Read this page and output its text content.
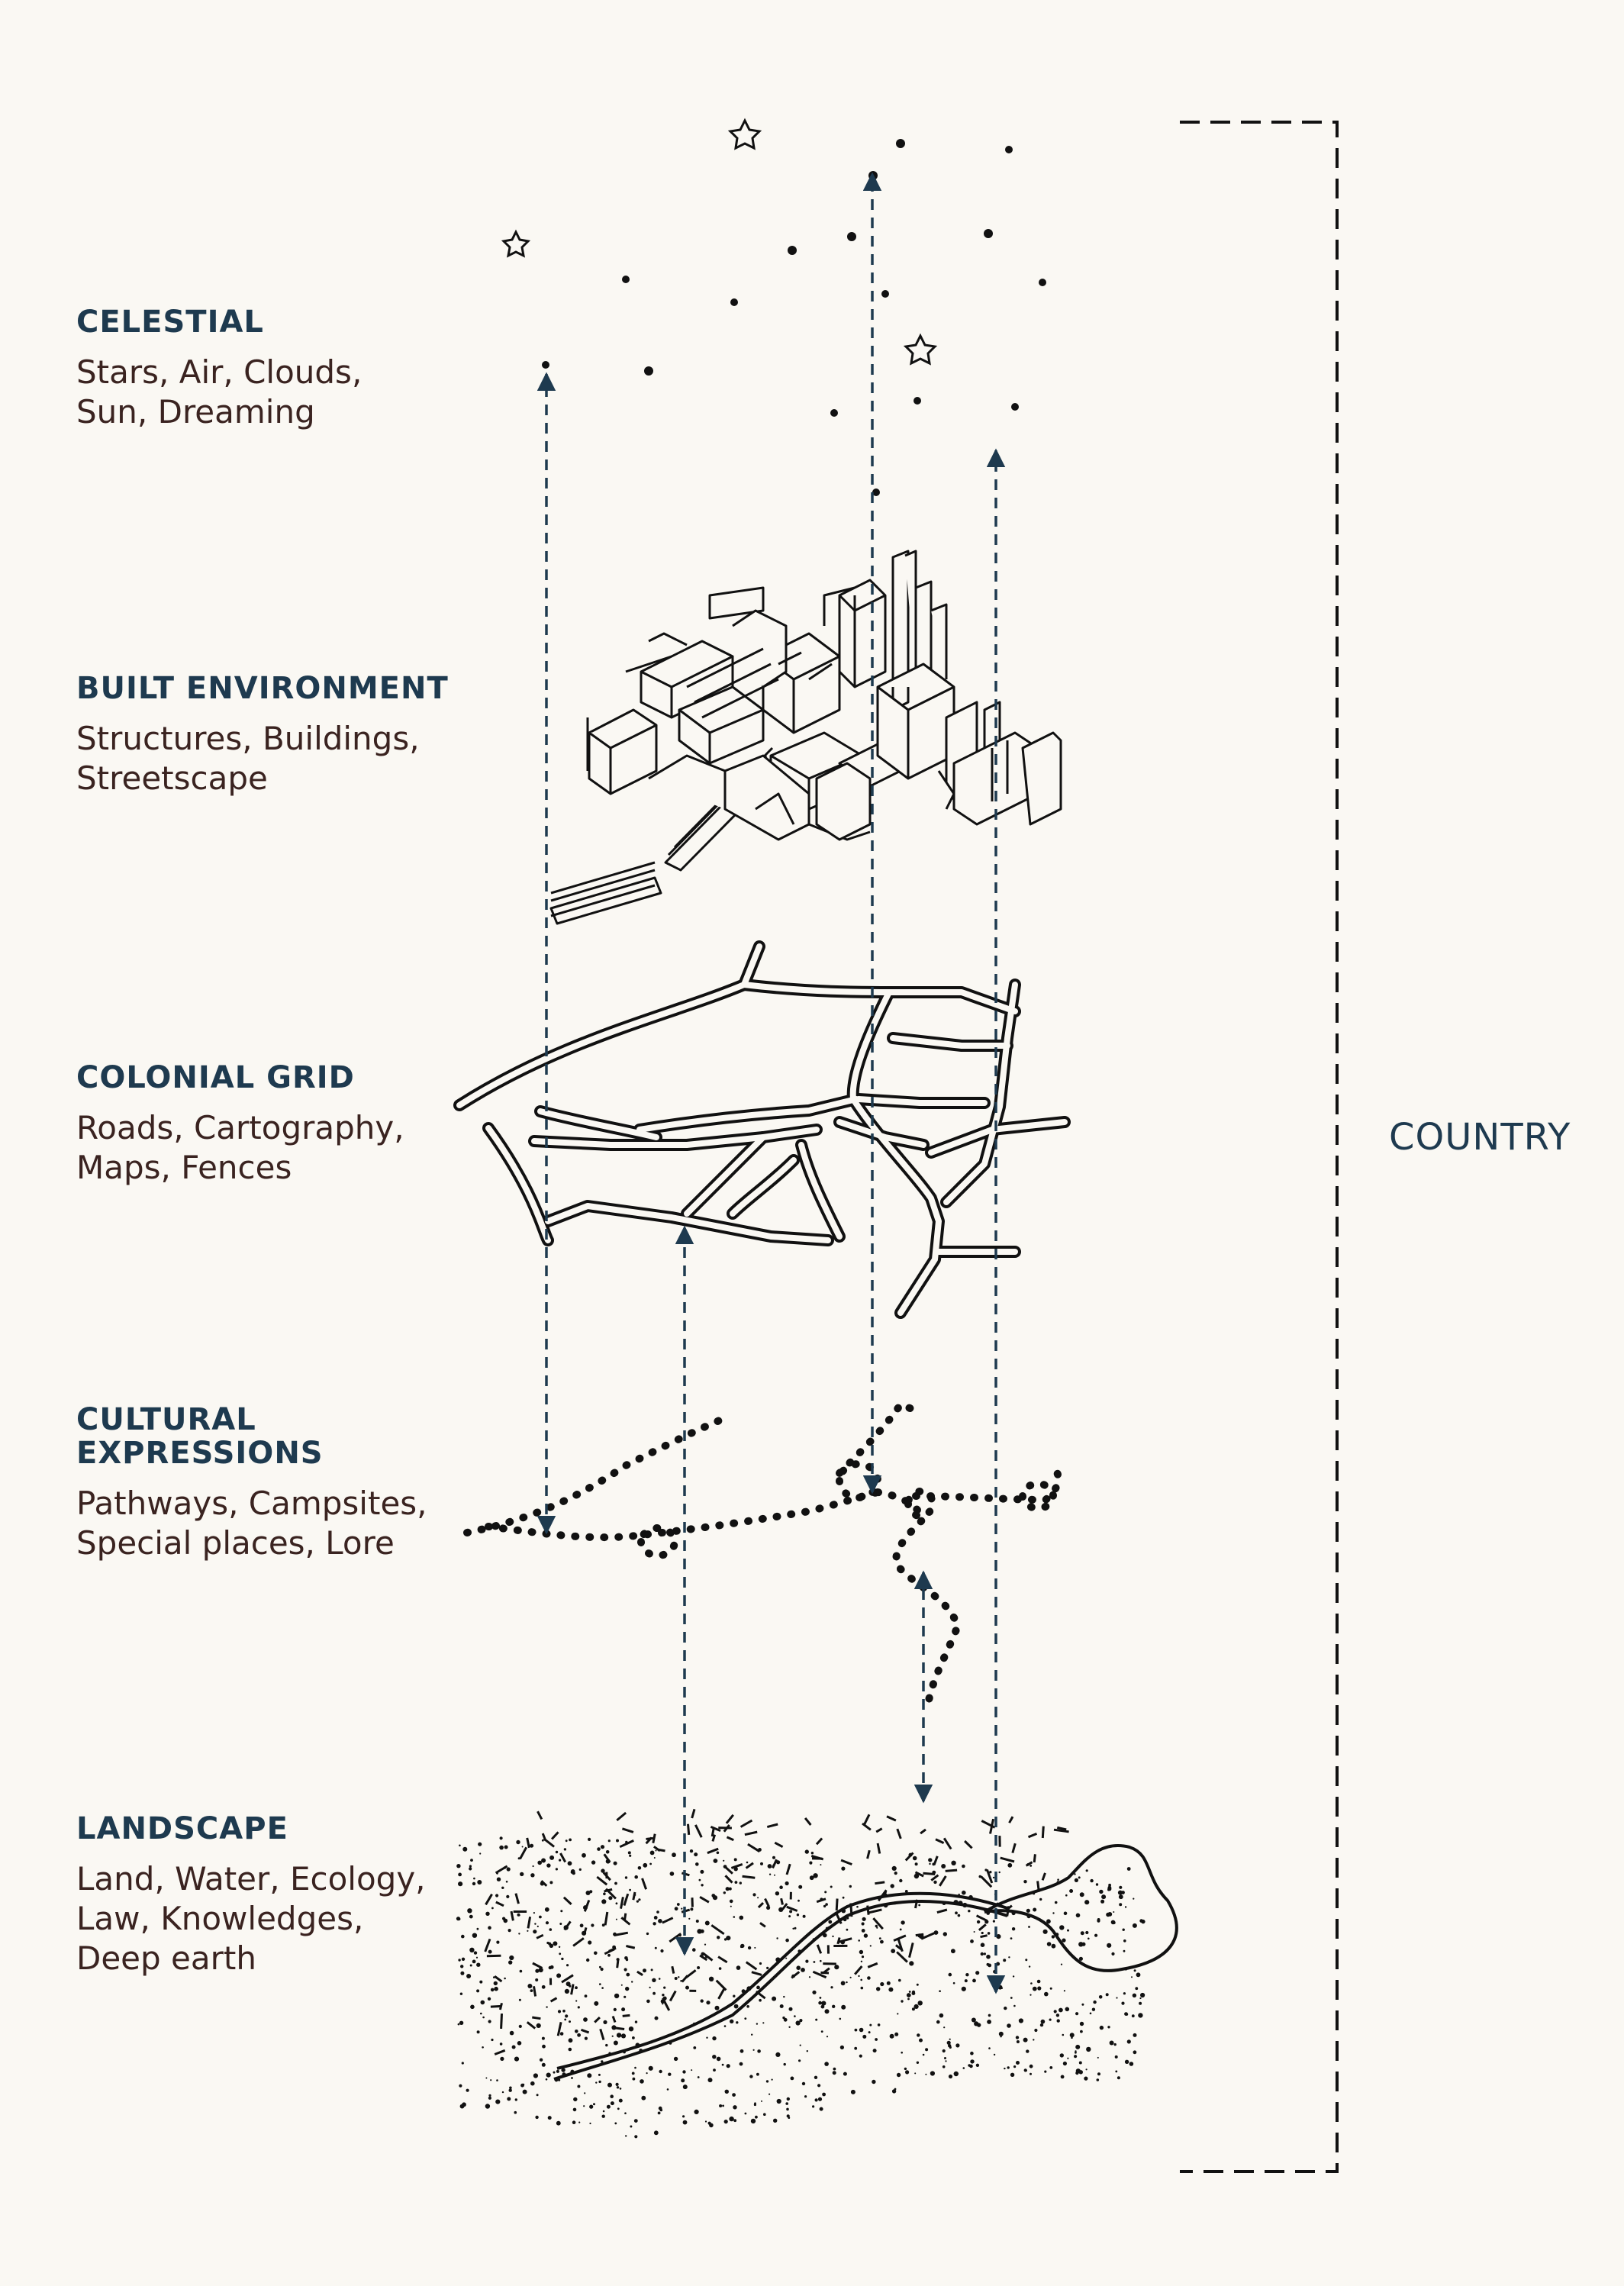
CELESTIAL

Stars, Air, Clouds,
Sun, Dreaming

BUILT ENVIRONMENT

Structures, Buildings,
Streetscape

COLONIAL GRID

Roads, Cartography,
Maps, Fences

CULTURAL EXPRESSIONS

Pathways, Campsites,
Special places, Lore

LANDSCAPE

Land, Water, Ecology,
Law, Knowledges,
Deep earth

COUNTRY
